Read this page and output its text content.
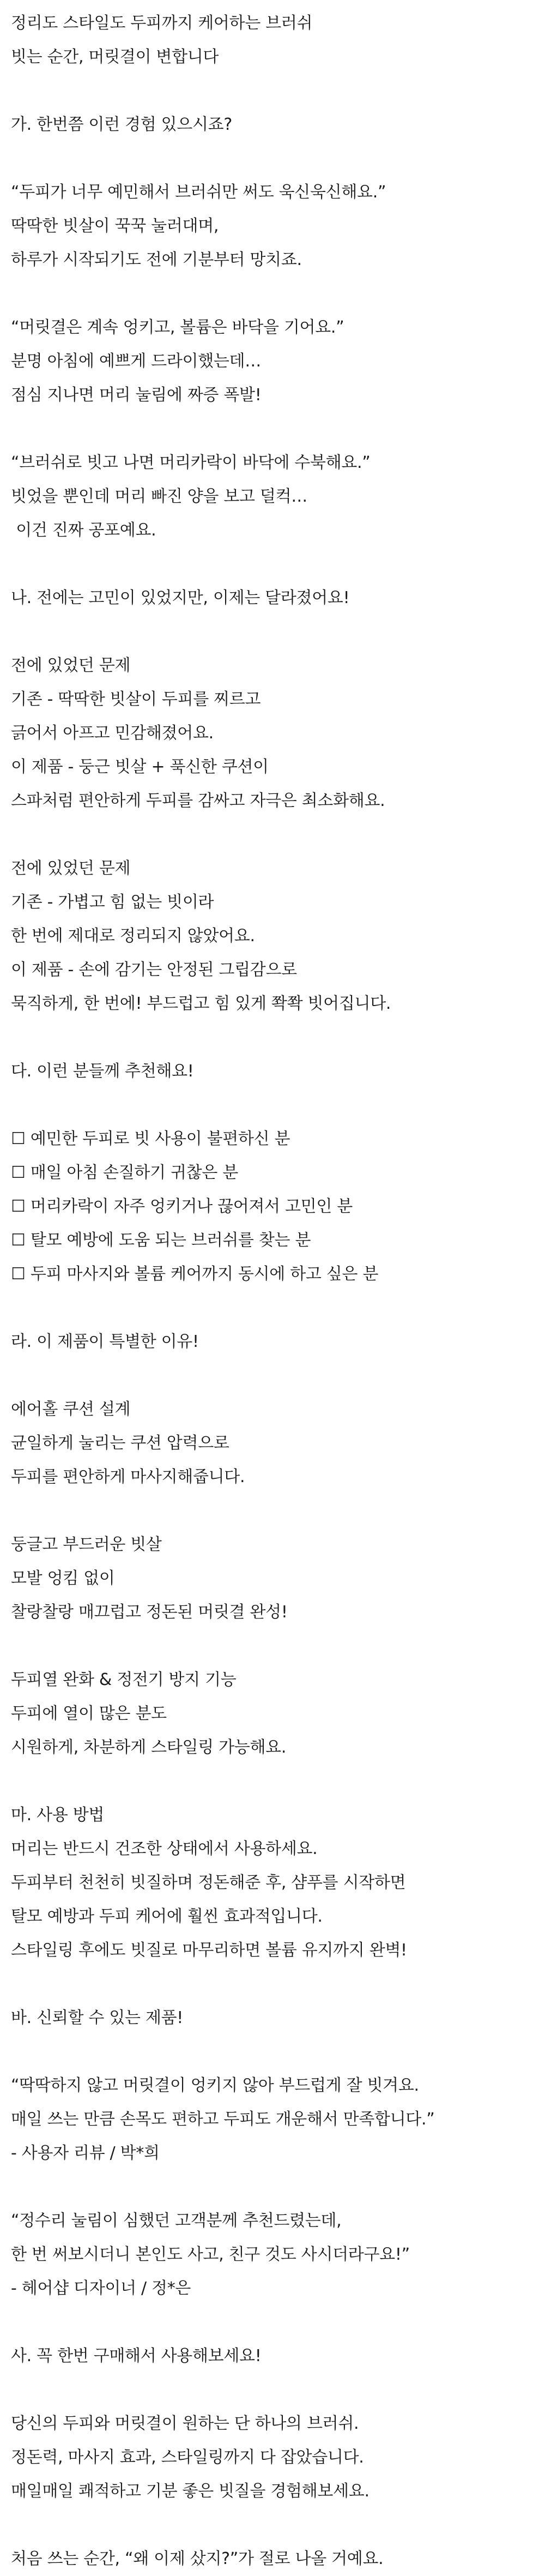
정리도 스타일도 두피까지 케어하는 브러쉬
빗는 순간, 머릿결이 변합니다
가. 한번쯤 이런 경험 있으시죠?
“두피가 너무 예민해서 브러쉬만 써도 욱신욱신해요.”
딱딱한 빗살이 꾹꾹 눌러대며,
하루가 시작되기도 전에 기분부터 망치죠.
“머릿결은 계속 엉키고, 볼륨은 바닥을 기어요.”
분명 아침에 예쁘게 드라이했는데…
점심 지나면 머리 눌림에 짜증 폭발!
“브러쉬로 빗고 나면 머리카락이 바닥에 수북해요.”
빗었을 뿐인데 머리 빠진 양을 보고 덜컥…
이건 진짜 공포예요.
나. 전에는 고민이 있었지만, 이제는 달라졌어요!
전에 있었던 문제
기존 - 딱딱한 빗살이 두피를 찌르고
긁어서 아프고 민감해졌어요.
이 제품 - 둥근 빗살 + 푹신한 쿠션이
스파처럼 편안하게 두피를 감싸고 자극은 최소화해요.
전에 있었던 문제
기존 - 가볍고 힘 없는 빗이라
한 번에 제대로 정리되지 않았어요.
이 제품 - 손에 감기는 안정된 그립감으로
묵직하게, 한 번에! 부드럽고 힘 있게 쫙쫙 빗어집니다.
다. 이런 분들께 추천해요!
☐ 예민한 두피로 빗 사용이 불편하신 분
☐ 매일 아침 손질하기 귀찮은 분
☐ 머리카락이 자주 엉키거나 끊어져서 고민인 분
☐ 탈모 예방에 도움 되는 브러쉬를 찾는 분
☐ 두피 마사지와 볼륨 케어까지 동시에 하고 싶은 분
라. 이 제품이 특별한 이유!
에어홀 쿠션 설계
균일하게 눌리는 쿠션 압력으로
두피를 편안하게 마사지해줍니다.
둥글고 부드러운 빗살
모발 엉킴 없이
찰랑찰랑 매끄럽고 정돈된 머릿결 완성!
두피열 완화 & 정전기 방지 기능
두피에 열이 많은 분도
시원하게, 차분하게 스타일링 가능해요.
마. 사용 방법
머리는 반드시 건조한 상태에서 사용하세요.
두피부터 천천히 빗질하며 정돈해준 후, 샴푸를 시작하면
탈모 예방과 두피 케어에 훨씬 효과적입니다.
스타일링 후에도 빗질로 마무리하면 볼륨 유지까지 완벽!
바. 신뢰할 수 있는 제품!
“딱딱하지 않고 머릿결이 엉키지 않아 부드럽게 잘 빗겨요.
매일 쓰는 만큼 손목도 편하고 두피도 개운해서 만족합니다.”
- 사용자 리뷰 / 박*희
“정수리 눌림이 심했던 고객분께 추천드렸는데,
한 번 써보시더니 본인도 사고, 친구 것도 사시더라구요!”
- 헤어샵 디자이너 / 정*은
사. 꼭 한번 구매해서 사용해보세요!
당신의 두피와 머릿결이 원하는 단 하나의 브러쉬.
정돈력, 마사지 효과, 스타일링까지 다 잡았습니다.
매일매일 쾌적하고 기분 좋은 빗질을 경험해보세요.
처음 쓰는 순간, “왜 이제 샀지?”가 절로 나올 거예요.
